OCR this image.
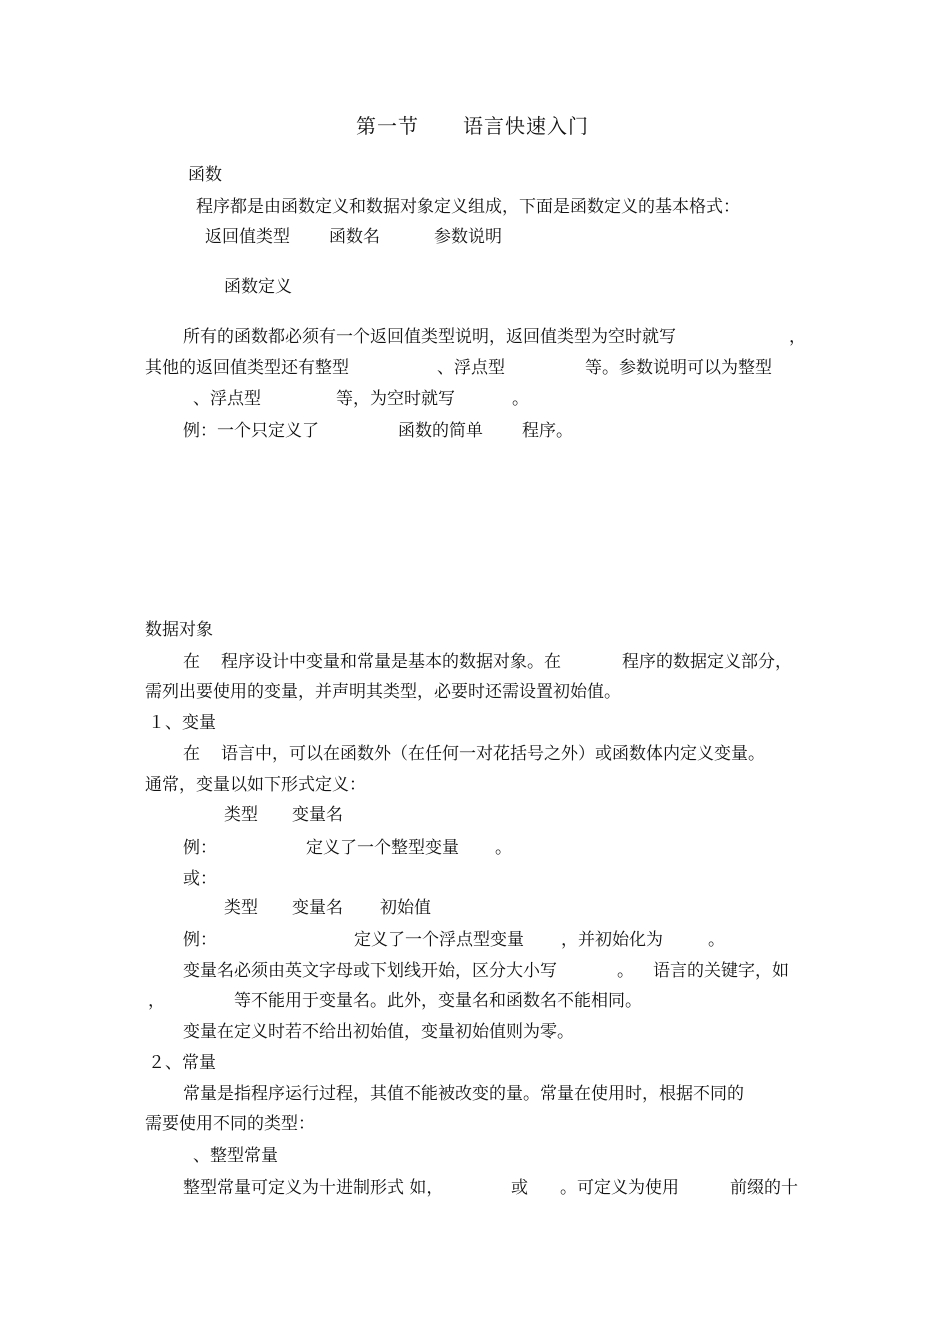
第一节 语言快速入门
函数
程序都是由函数定义和数据对象定义组成，下面是函数定义的基本格式：
返回值类型 函数名	参数说明
函数定义
所有的函数都必须有一个返回值类型说明，返回值类型为空时就写	，
其他的返回值类型还有整型	、浮点型	等。参数说明可以为整型
、浮点型	等，为空时就写	。
例：一个只定义了	函数的简单 程序。
数据对象
在 程序设计中变量和常量是基本的数据对象。在	程序的数据定义部分，
需列出要使用的变量，并声明其类型，必要时还需设置初始值。
１、变量
在 语言中，可以在函数外（在任何一对花括号之外）或函数体内定义变量。
通常，变量以如下形式定义：
类型 变量名
例：	定义了一个整型变量 。
或：
类型 变量名 初始值
例：	定义了一个浮点型变量 ，并初始化为	。
变量名必须由英文字母或下划线开始，区分大小写	。 语言的关键字，如
，	等不能用于变量名。此外，变量名和函数名不能相同。
变量在定义时若不给出初始值，变量初始值则为零。
２、常量
常量是指程序运行过程，其值不能被改变的量。常量在使用时，根据不同的
需要使用不同的类型：
、整型常量
整型常量可定义为十进制形式 如，	或 。可定义为使用	前缀的十
